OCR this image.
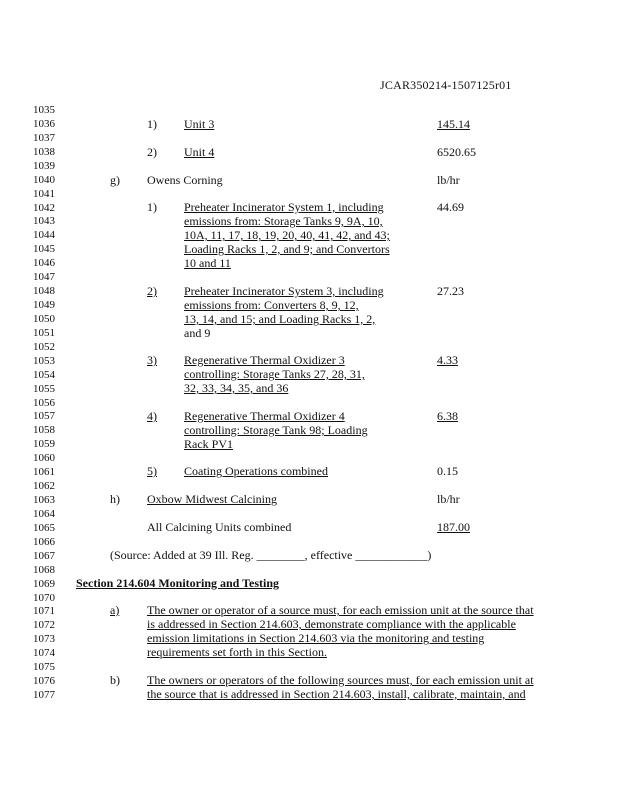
JCAR350214-1507125r01
1035
1036
1037
1038
1039
1040
1041
1042
1043
1044
1045
1046
1047
1048
1049
1050
1051
1052
1053
1054
1055
1056
1057
1058
1059
1060
1061
1062
1063
1064
1065
1066
1067
1068
1069
1070
1071
1072
1073
1074
1075
1076
1077
1) Unit 3	145.14
2) Unit 4	6520.65
g) Owens Corning	lb/hr
1) Preheater Incinerator System 1, including
emissions from: Storage Tanks 9, 9A, 10,
10A, 11, 17, 18, 19, 20, 40, 41, 42, and 43;
Loading Racks 1, 2, and 9; and Convertors
10 and 11
44.69
2) Preheater Incinerator System 3, including
emissions from: Converters 8, 9, 12,
13, 14, and 15; and Loading Racks 1, 2,
and 9
27.23
3) Regenerative Thermal Oxidizer 3
controlling: Storage Tanks 27, 28, 31,
32, 33, 34, 35, and 36
4.33
4) Regenerative Thermal Oxidizer 4
controlling: Storage Tank 98; Loading
Rack PV1
6.38
5) Coating Operations combined	0.15
h) Oxbow Midwest Calcining	lb/hr
All Calcining Units combined	187.00
(Source: Added at 39 Ill. Reg. ________, effective ____________)
Section 214.604 Monitoring and Testing
a) The owner or operator of a source must, for each emission unit at the source that
is addressed in Section 214.603, demonstrate compliance with the applicable
emission limitations in Section 214.603 via the monitoring and testing
requirements set forth in this Section.
b) The owners or operators of the following sources must, for each emission unit at
the source that is addressed in Section 214.603, install, calibrate, maintain, and
